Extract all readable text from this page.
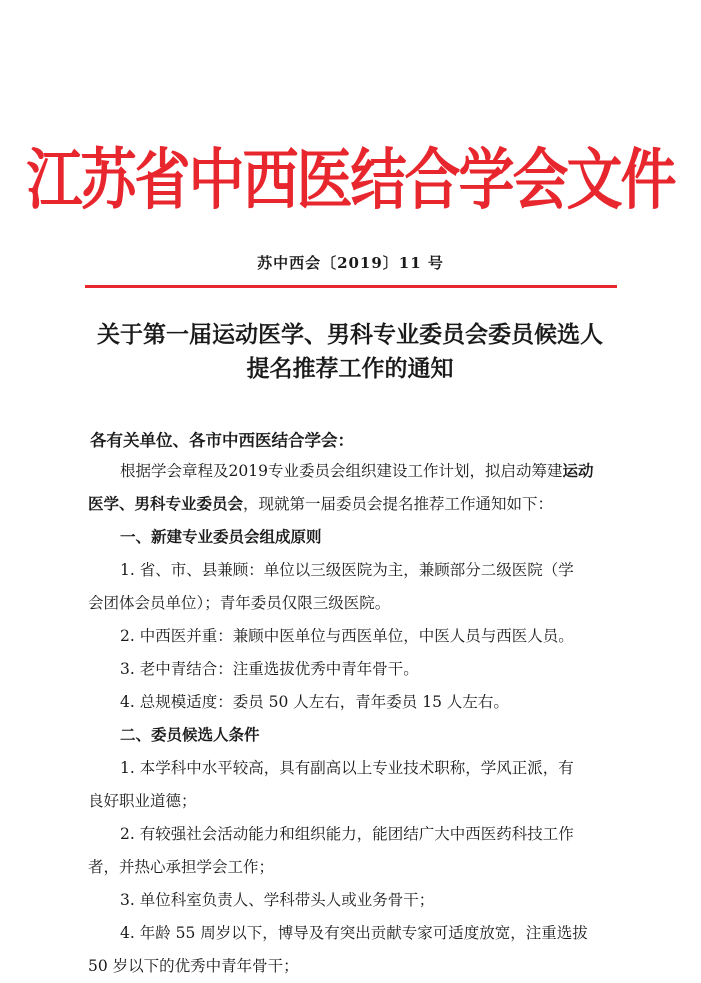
江苏省中西医结合学会文件
苏中西会〔2019〕11 号
关于第一届运动医学、男科专业委员会委员候选人
提名推荐工作的通知
各有关单位、各市中西医结合学会：
根据学会章程及2019专业委员会组织建设工作计划，拟启动筹建运动
医学、男科专业委员会，现就第一届委员会提名推荐工作通知如下：
一、新建专业委员会组成原则
1. 省、市、县兼顾：单位以三级医院为主，兼顾部分二级医院（学
会团体会员单位）；青年委员仅限三级医院。
2. 中西医并重：兼顾中医单位与西医单位，中医人员与西医人员。
3. 老中青结合：注重选拔优秀中青年骨干。
4. 总规模适度：委员 50 人左右，青年委员 15 人左右。
二、委员候选人条件
1. 本学科中水平较高，具有副高以上专业技术职称，学风正派，有
良好职业道德；
2. 有较强社会活动能力和组织能力，能团结广大中西医药科技工作
者，并热心承担学会工作；
3. 单位科室负责人、学科带头人或业务骨干；
4. 年龄 55 周岁以下，博导及有突出贡献专家可适度放宽，注重选拔
50 岁以下的优秀中青年骨干；
